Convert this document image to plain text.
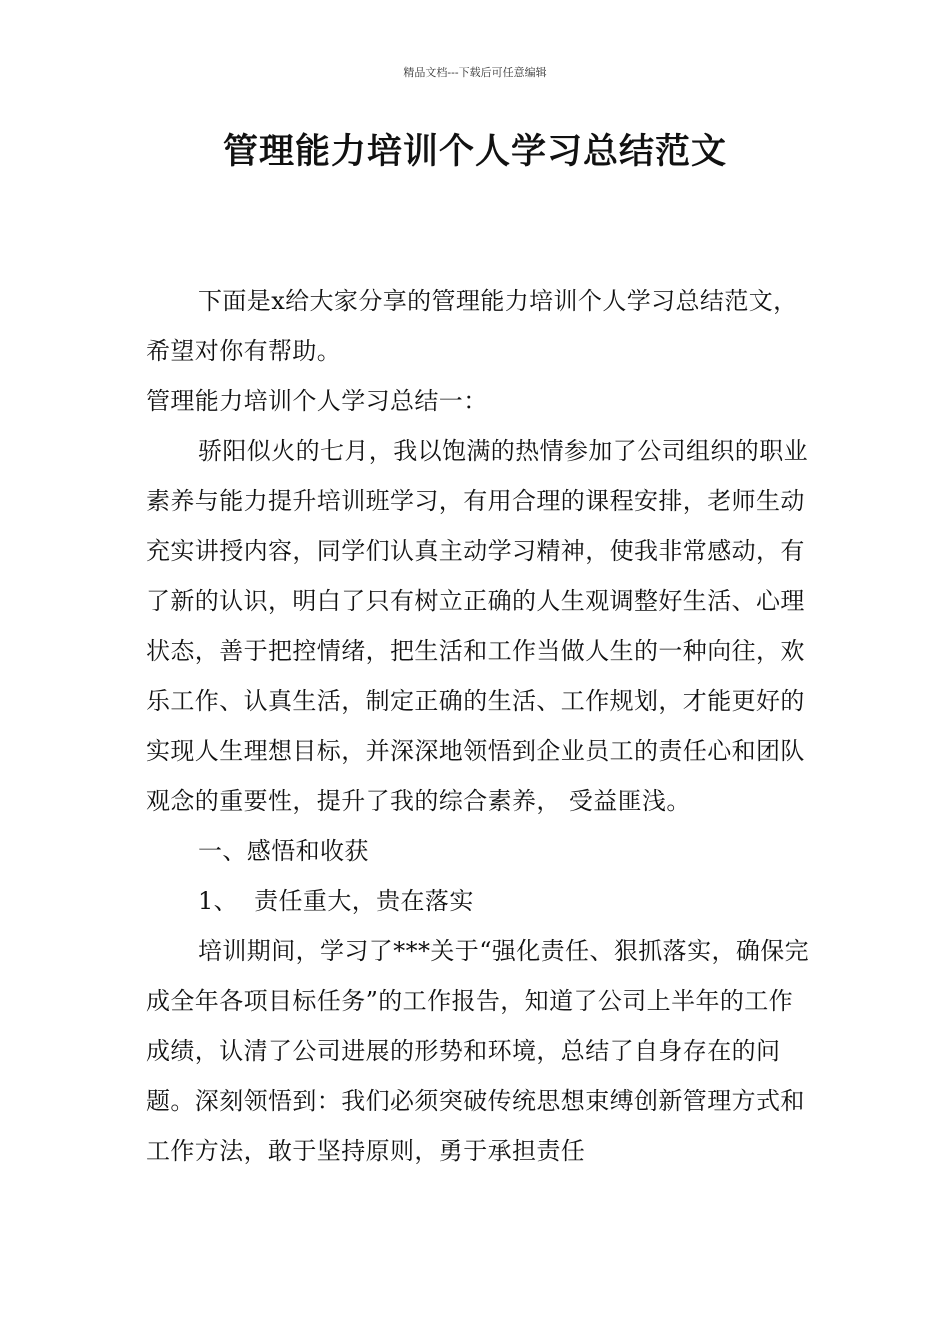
精品文档---下载后可任意编辑
管理能力培训个人学习总结范文

下面是x给大家分享的管理能力培训个人学习总结范文，希望对你有帮助。

管理能力培训个人学习总结一：

骄阳似火的七月，我以饱满的热情参加了公司组织的职业素养与能力提升培训班学习，有用合理的课程安排，老师生动充实讲授内容，同学们认真主动学习精神，使我非常感动，有了新的认识，明白了只有树立正确的人生观调整好生活、心理状态，善于把控情绪，把生活和工作当做人生的一种向往，欢乐工作、认真生活，制定正确的生活、工作规划，才能更好的实现人生理想目标，并深深地领悟到企业员工的责任心和团队观念的重要性，提升了我的综合素养， 受益匪浅。

一、感悟和收获

1、  责任重大，贵在落实

培训期间，学习了***关于“强化责任、狠抓落实，确保完成全年各项目标任务”的工作报告，知道了公司上半年的工作成绩，认清了公司进展的形势和环境，总结了自身存在的问题。深刻领悟到：我们必须突破传统思想束缚创新管理方式和工作方法，敢于坚持原则，勇于承担责任
